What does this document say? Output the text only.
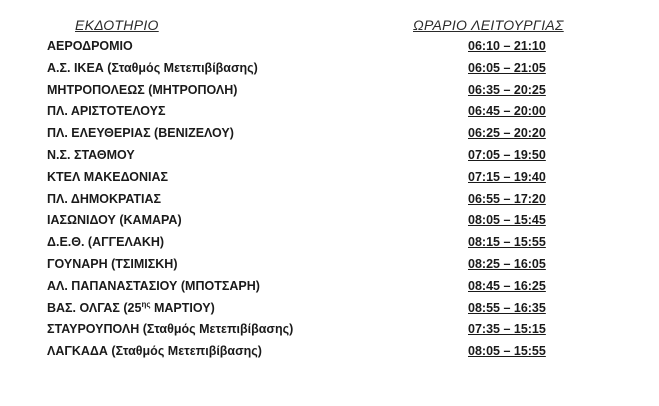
ΕΚΔΟΤΗΡΙΟ	ΩΡΑΡΙΟ ΛΕΙΤΟΥΡΓΙΑΣ
ΑΕΡΟΔΡΟΜΙΟ	06:10 – 21:10
Α.Σ. ΙΚΕΑ (Σταθμός Μετεπιβίβασης)	06:05 – 21:05
ΜΗΤΡΟΠΟΛΕΩΣ (ΜΗΤΡΟΠΟΛΗ)	06:35 – 20:25
ΠΛ. ΑΡΙΣΤΟΤΕΛΟΥΣ	06:45 – 20:00
ΠΛ. ΕΛΕΥΘΕΡΙΑΣ (ΒΕΝΙΖΕΛΟΥ)	06:25 – 20:20
Ν.Σ. ΣΤΑΘΜΟΥ	07:05 – 19:50
ΚΤΕΛ ΜΑΚΕΔΟΝΙΑΣ	07:15 – 19:40
ΠΛ. ΔΗΜΟΚΡΑΤΙΑΣ	06:55 – 17:20
ΙΑΣΩΝΙΔΟΥ (ΚΑΜΑΡΑ)	08:05 – 15:45
Δ.Ε.Θ. (ΑΓΓΕΛΑΚΗ)	08:15 – 15:55
ΓΟΥΝΑΡΗ (ΤΣΙΜΙΣΚΗ)	08:25 – 16:05
ΑΛ. ΠΑΠΑΝΑΣΤΑΣΙΟΥ (ΜΠΟΤΣΑΡΗ)	08:45 – 16:25
ΒΑΣ. ΟΛΓΑΣ ($25^{\eta\varsigma}$ ΜΑΡΤΙΟΥ)	08:55 – 16:35
ΣΤΑΥΡΟΥΠΟΛΗ (Σταθμός Μετεπιβίβασης)	07:35 – 15:15
ΛΑΓΚΑΔΑ (Σταθμός Μετεπιβίβασης)	08:05 – 15:55
